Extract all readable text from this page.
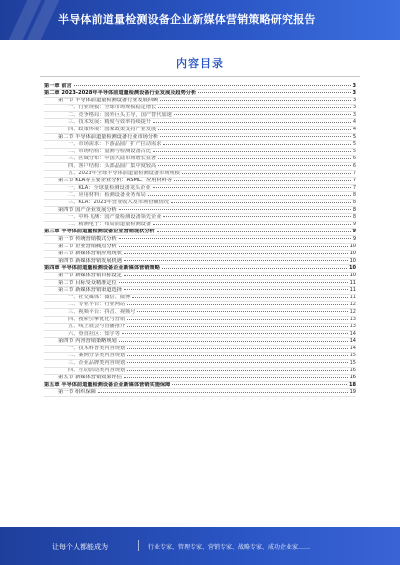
半导体前道量检测设备企业新媒体营销策略研究报告
内容目录
第一章 前言	3
第二章 2023-2028年半导体前道量检测设备行业发展及趋势分析	3
第一节 半导体前道量检测设备行业发展回顾	3
一、行业规模：全球市场规模稳定增长	3
二、竞争格局：国外巨头主导，国产替代加速	3
三、技术发展：精度与效率持续提升	4
四、政策环境：国家政策支持产业发展	4
第二节 半导体前道量检测设备行业市场分析	5
一、市场需求：下游晶圆厂扩产拉动需求	5
二、市场结构：量测与检测设备占比	5
三、区域分布：中国大陆市场增长显著	6
四、客户结构：头部晶圆厂集中度较高	6
五、2023年全球半导体前道量检测设备市场规模	7
第三节 KLA等主要企业分析：ASML、应用材料等	7
一、KLA：全球量检测设备龙头企业	7
二、应用材料：检测设备业务布局	8
三、KLA：2023年营业收入及市场份额情况	8
第四节 国产企业发展分析	8
一、中科飞测：国产量检测设备领先企业	8
二、精测电子：布局前道量检测设备	9
第三章 半导体前道量检测设备企业营销现状分析	9
第一节 传统营销模式分析	9
第二节 企业营销痛点分析	10
第三节 新媒体营销应用现状	10
第四节 新媒体营销发展机遇	10
第四章 半导体前道量检测设备企业新媒体营销策略	10
第一节 新媒体营销目标设定	10
第二节 目标受众精准定位	11
第三节 新媒体营销渠道选择	11
一、社交媒体：微信、微博	11
二、专业平台：行业网站	12
三、视频平台：抖音、视频号	12
四、搜索引擎优化与营销	13
五、线上展会与直播推介	13
六、垂直社区：知乎等	14
第四节 内容营销策略规划	14
一、技术科普类内容规划	14
二、案例分享类内容规划	15
三、企业品牌类内容规划	15
四、互动活动类内容规划	16
第五节 新媒体营销效果评估	16
第五章 半导体前道量检测设备企业新媒体营销实施保障	18
第一节 组织保障	19
让每个人都能成为	行业专家、管理专家、营销专家、战略专家、成功企业家……
